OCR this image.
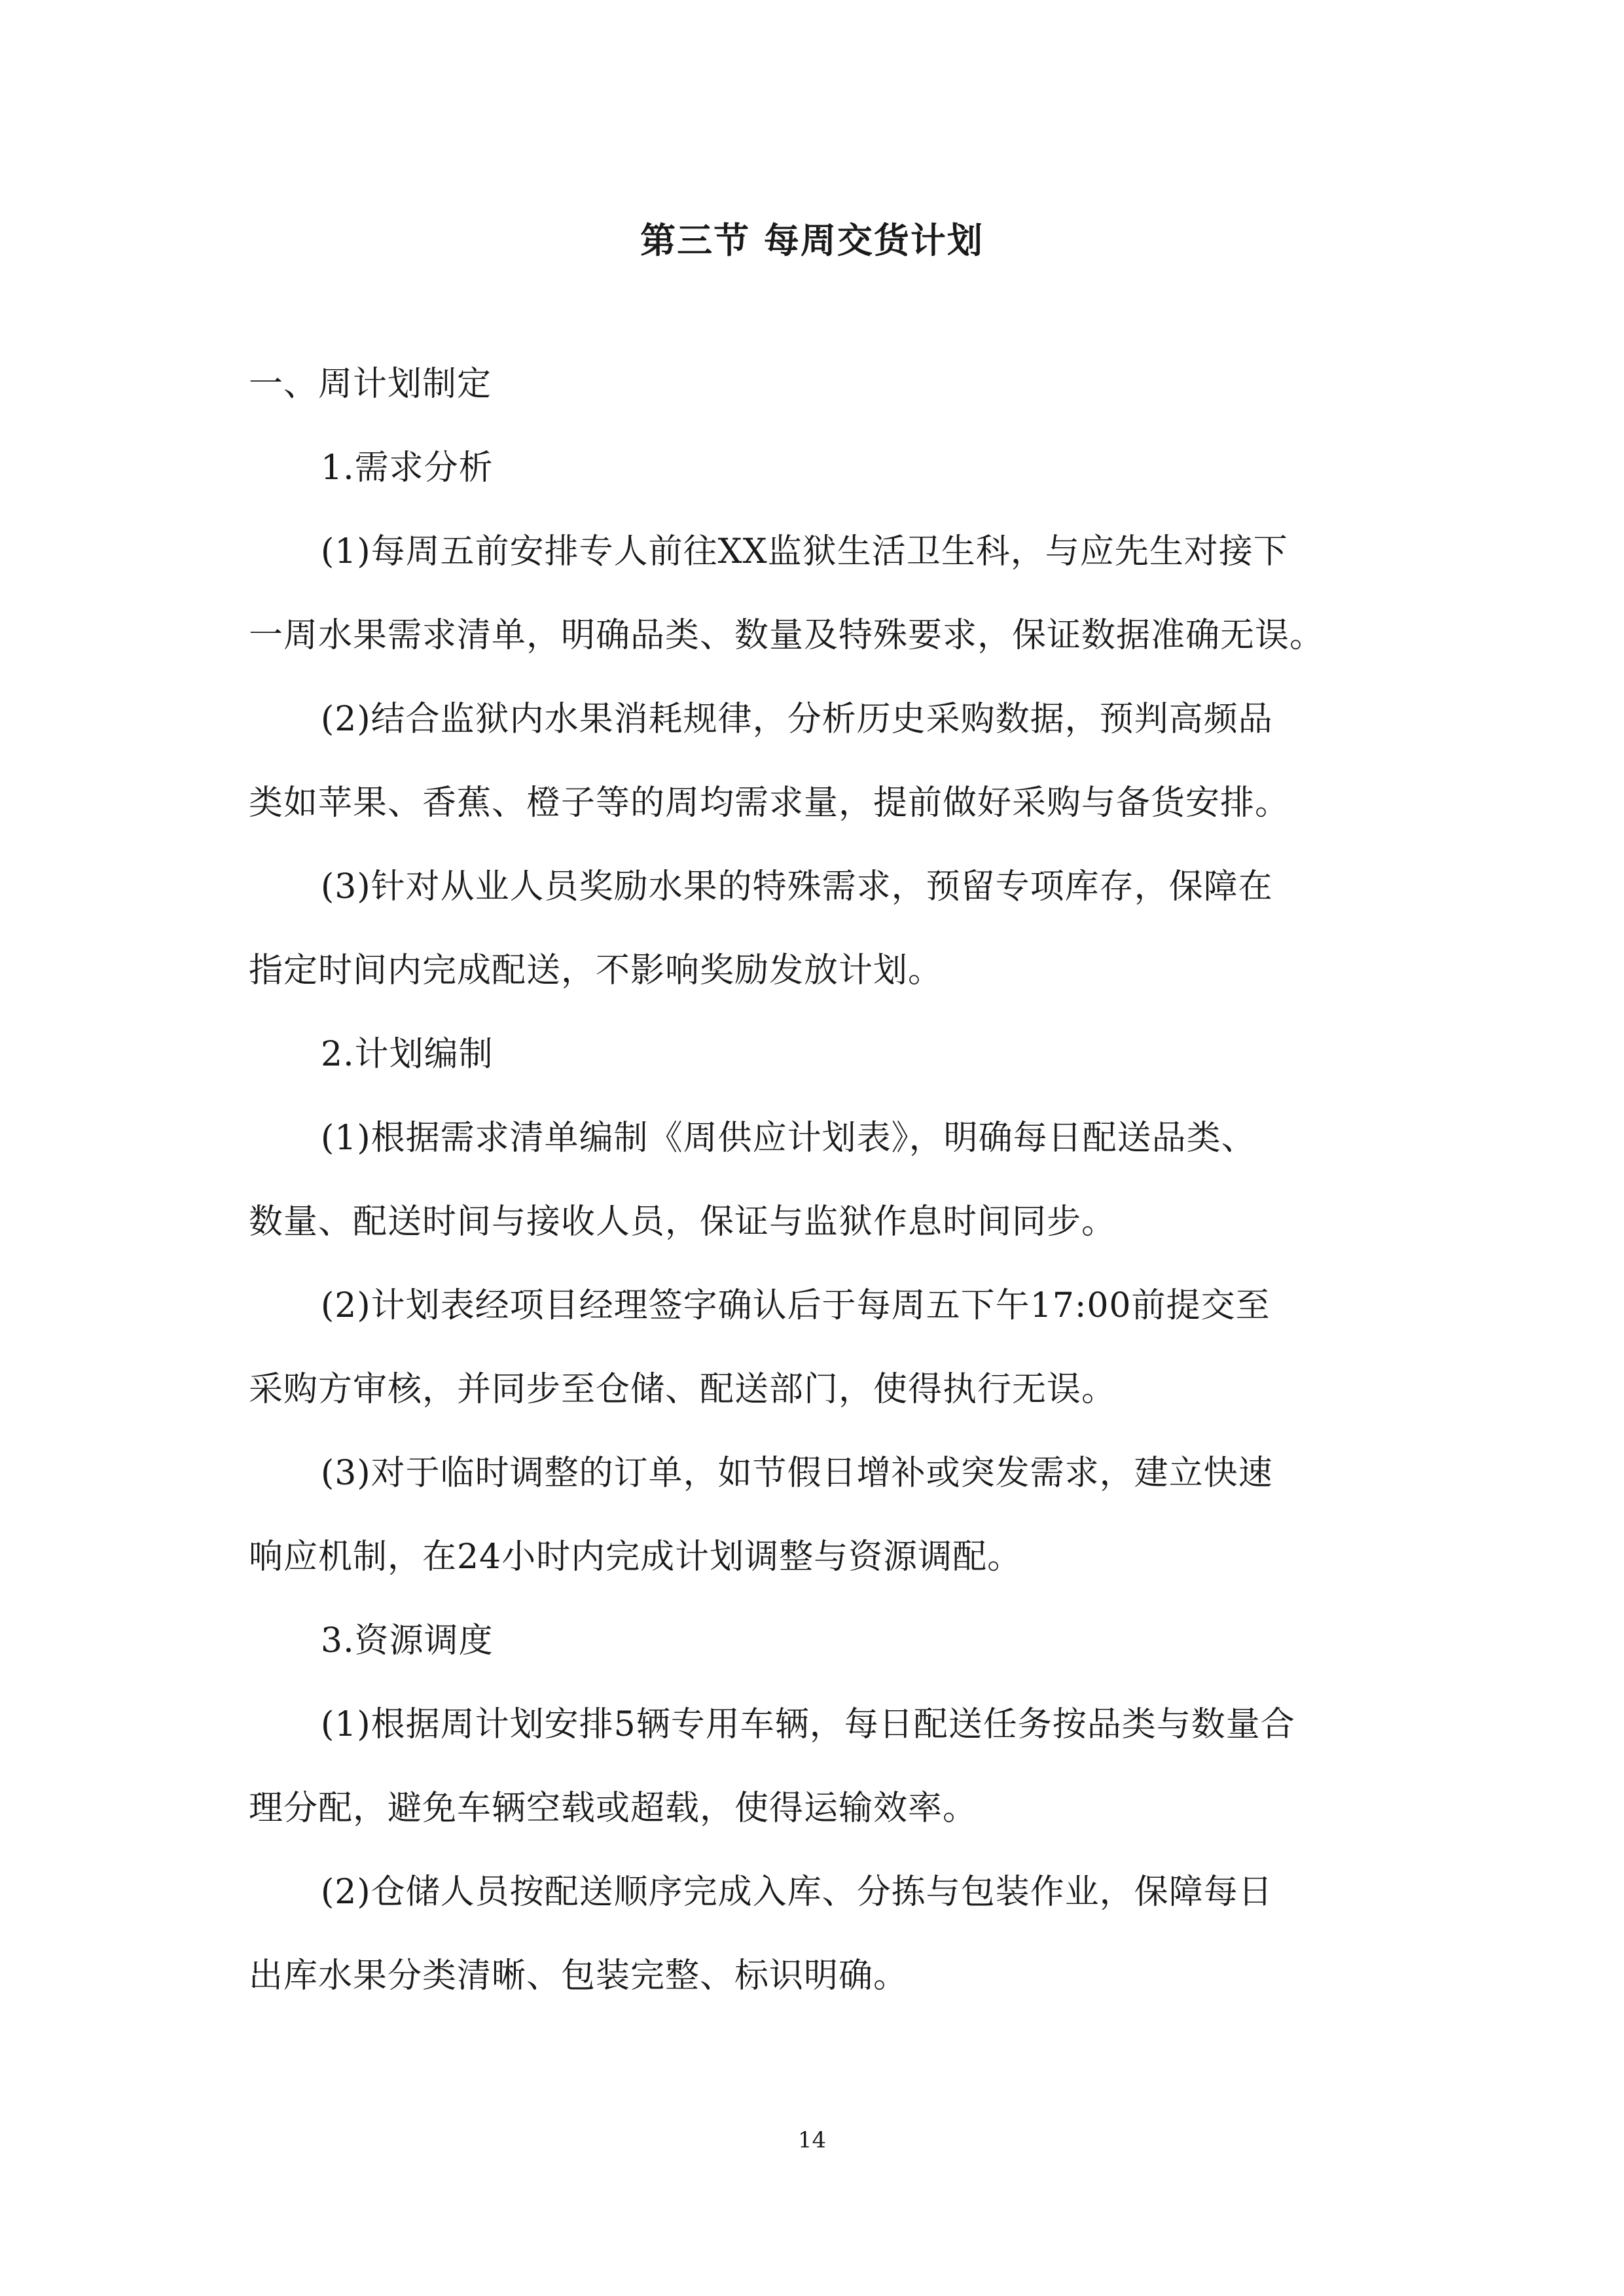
第三节 每周交货计划

一、周计划制定

1.需求分析

(1)每周五前安排专人前往XX监狱生活卫生科，与应先生对接下

一周水果需求清单，明确品类、数量及特殊要求，保证数据准确无误。

(2)结合监狱内水果消耗规律，分析历史采购数据，预判高频品

类如苹果、香蕉、橙子等的周均需求量，提前做好采购与备货安排。

(3)针对从业人员奖励水果的特殊需求，预留专项库存，保障在

指定时间内完成配送，不影响奖励发放计划。

2.计划编制

(1)根据需求清单编制《周供应计划表》，明确每日配送品类、

数量、配送时间与接收人员，保证与监狱作息时间同步。

(2)计划表经项目经理签字确认后于每周五下午17:00前提交至

采购方审核，并同步至仓储、配送部门，使得执行无误。

(3)对于临时调整的订单，如节假日增补或突发需求，建立快速

响应机制，在24小时内完成计划调整与资源调配。

3.资源调度

(1)根据周计划安排5辆专用车辆，每日配送任务按品类与数量合

理分配，避免车辆空载或超载，使得运输效率。

(2)仓储人员按配送顺序完成入库、分拣与包装作业，保障每日

出库水果分类清晰、包装完整、标识明确。

14
